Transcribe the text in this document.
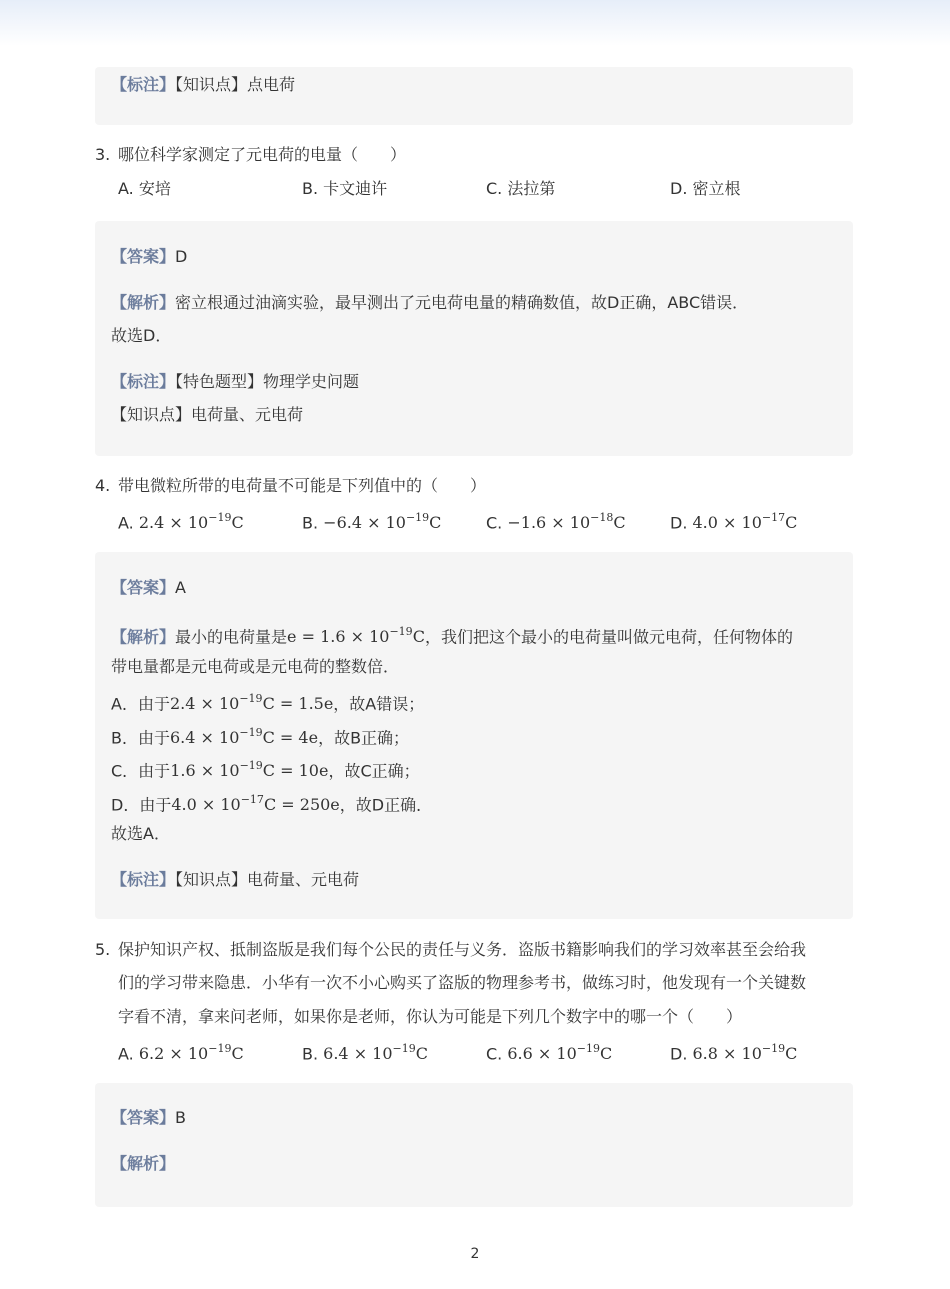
【标注】【知识点】点电荷
3. 哪位科学家测定了元电荷的电量（　　）
A. 安培	B. 卡文迪许	C. 法拉第	D. 密立根
【答案】D
【解析】密立根通过油滴实验，最早测出了元电荷电量的精确数值，故D正确，ABC错误．
故选D．
【标注】【特色题型】物理学史问题
【知识点】电荷量、元电荷
4. 带电微粒所带的电荷量不可能是下列值中的（　　）
A. $2.4 \times 10^{-19}C$	B. $-6.4 \times 10^{-19}C$	C. $-1.6 \times 10^{-18}C$	D. $4.0 \times 10^{-17}C$
【答案】A
【解析】最小的电荷量是$e = 1.6 \times 10^{-19}C$，我们把这个最小的电荷量叫做元电荷，任何物体的
带电量都是元电荷或是元电荷的整数倍．
A．由于$2.4 \times 10^{-19}C = 1.5e$，故A错误；
B．由于$6.4 \times 10^{-19}C = 4e$，故B正确；
C．由于$1.6 \times 10^{-19}C = 10e$，故C正确；
D．由于$4.0 \times 10^{-17}C = 250e$，故D正确．
故选A．
【标注】【知识点】电荷量、元电荷
5. 保护知识产权、抵制盗版是我们每个公民的责任与义务．盗版书籍影响我们的学习效率甚至会给我
们的学习带来隐患．小华有一次不小心购买了盗版的物理参考书，做练习时，他发现有一个关键数
字看不清，拿来问老师，如果你是老师，你认为可能是下列几个数字中的哪一个（　　）
A. $6.2 \times 10^{-19}C$	B. $6.4 \times 10^{-19}C$	C. $6.6 \times 10^{-19}C$	D. $6.8 \times 10^{-19}C$
【答案】B
【解析】
2
